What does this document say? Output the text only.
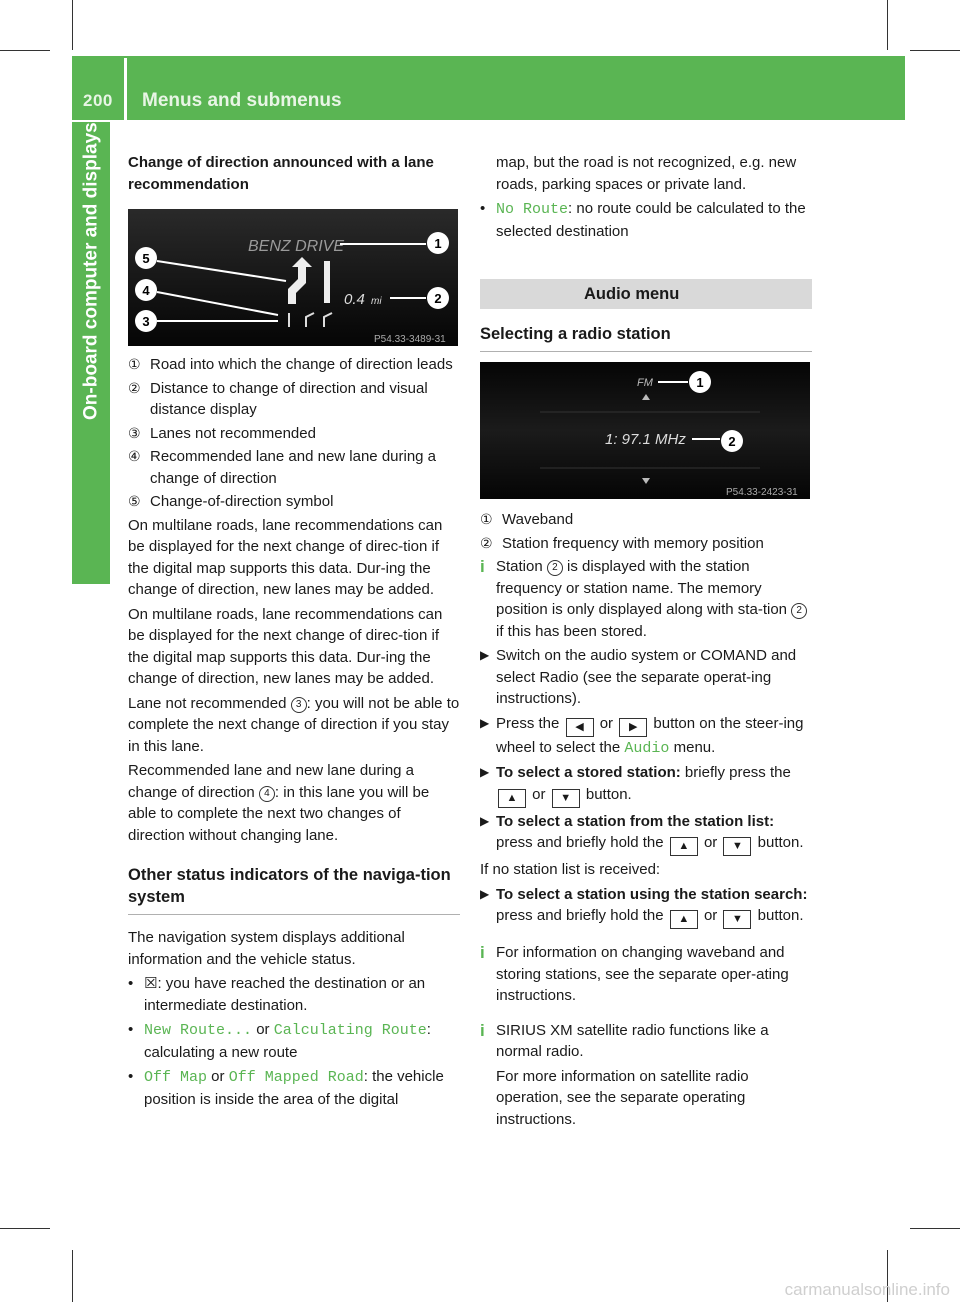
200 Menus and submenus
On-board computer and displays Change of direction announced with a lane recommendation
BENZ DRIVE	1
0.4 mi	2
5
4
3
P54.33-3489-31
① Road into which the change of direction leads
② Distance to change of direction and visual distance display
③ Lanes not recommended
④ Recommended lane and new lane during a change of direction
⑤ Change-of-direction symbol
On multilane roads, lane recommendations can be displayed for the next change of direc-tion if the digital map supports this data. Dur-ing the change of direction, new lanes may be added.
On multilane roads, lane recommendations can be displayed for the next change of direc-tion if the digital map supports this data. Dur-ing the change of direction, new lanes may be added.
Lane not recommended 3 : you will not be able to complete the next change of direction if you stay in this lane.
Recommended lane and new lane during a change of direction 4 : in this lane you will be able to complete the next two changes of direction without changing lane.
Other status indicators of the naviga-tion system
The navigation system displays additional information and the vehicle status.
• ☒: you have reached the destination or an intermediate destination.
• New Route... or Calculating Route: calculating a new route
• Off Map or Off Mapped Road: the vehicle position is inside the area of the digital
map, but the road is not recognized, e.g. new roads, parking spaces or private land.
• No Route: no route could be calculated to the selected destination
Audio menu
Selecting a radio station
FM	1
1: 97.1 MHz	2
P54.33-2423-31
① Waveband
② Station frequency with memory position
i Station 2 is displayed with the station frequency or station name. The memory position is only displayed along with sta-tion 2 if this has been stored.
▶ Switch on the audio system or COMAND and select Radio (see the separate operat-ing instructions).
▶ Press the ◀ or ▶ button on the steer-ing wheel to select the Audio menu.
▶ To select a stored station: briefly press the ▲ or ▼ button.
▶ To select a station from the station list: press and briefly hold the ▲ or ▼ button.
If no station list is received:
▶ To select a station using the station search: press and briefly hold the ▲ or ▼ button.
i For information on changing waveband and storing stations, see the separate oper-ating instructions.
i SIRIUS XM satellite radio functions like a normal radio.
For more information on satellite radio operation, see the separate operating instructions.
carmanualsonline.info
